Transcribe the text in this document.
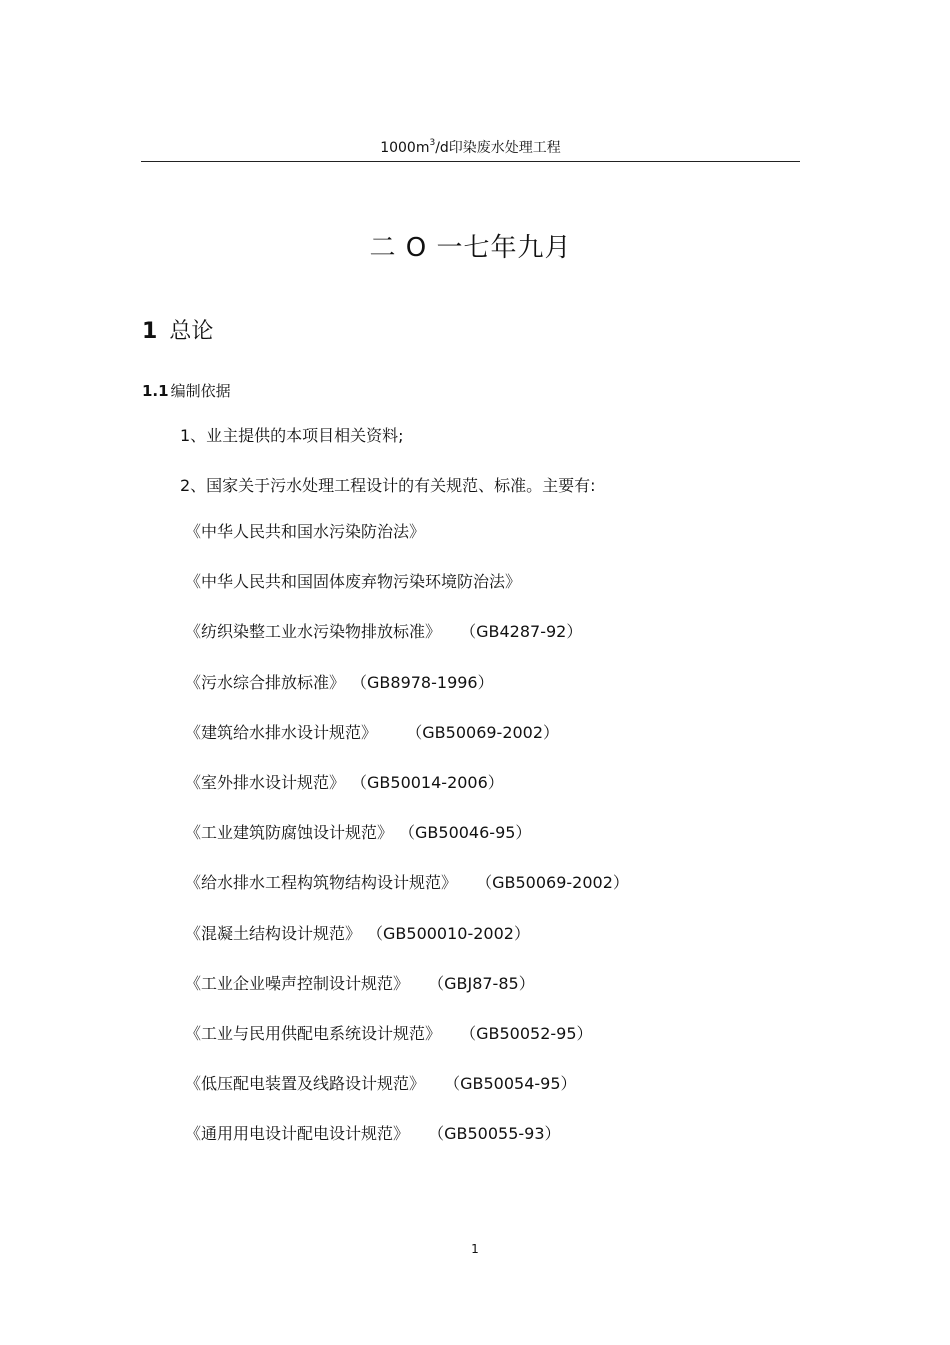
$1000m^3/d$印染废水处理工程
二 O 一七年九月
1 总论
1.1 编制依据
1、业主提供的本项目相关资料;
2、国家关于污水处理工程设计的有关规范、标准。主要有:
《中华人民共和国水污染防治法》
《中华人民共和国固体废弃物污染环境防治法》
《纺织染整工业水污染物排放标准》 （GB4287-92）
《污水综合排放标准》 （GB8978-1996）
《建筑给水排水设计规范》   （GB50069-2002）
《室外排水设计规范》 （GB50014-2006）
《工业建筑防腐蚀设计规范》 （GB50046-95）
《给水排水工程构筑物结构设计规范》 （GB50069-2002）
《混凝土结构设计规范》 （GB500010-2002）
《工业企业噪声控制设计规范》 （GBJ87-85）
《工业与民用供配电系统设计规范》 （GB50052-95）
《低压配电装置及线路设计规范》 （GB50054-95）
《通用用电设计配电设计规范》 （GB50055-93）
1
